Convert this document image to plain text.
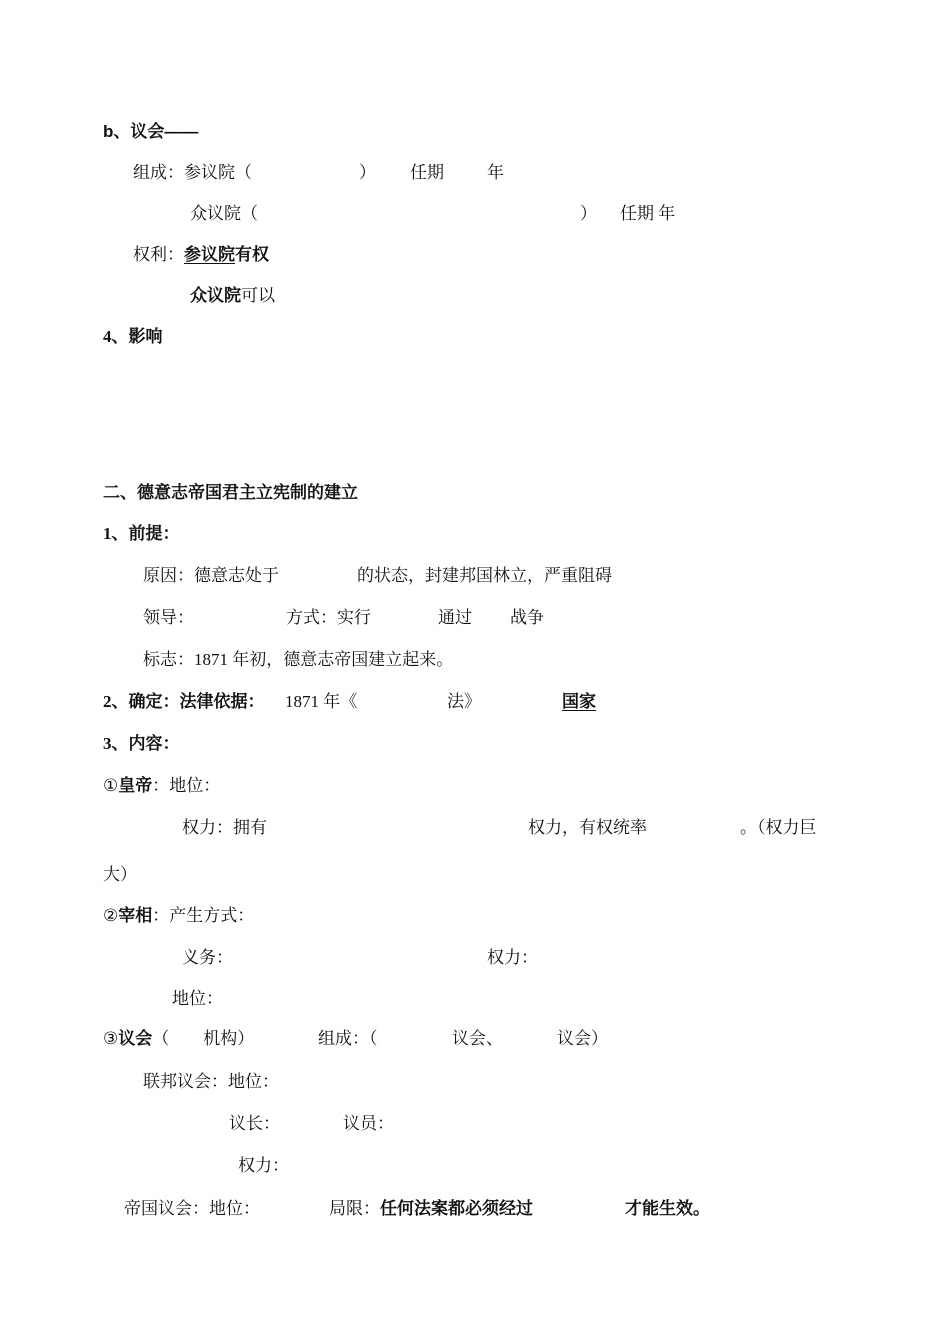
b、议会——
组成：参议院（	） 任期	年
众议院（	） 任期 年
权利：参议院有权
众议院可以
4、影响
二、德意志帝国君主立宪制的建立
1、前提：
原因：德意志处于	的状态，封建邦国林立，严重阻碍
领导：	方式：实行	通过 战争
标志：1871 年初，德意志帝国建立起来。
2、确定：法律依据： 1871 年《	法》	国家
3、内容：
①皇帝：地位：
权力：拥有	权力，有权统率	。（权力巨
大）
②宰相：产生方式：
义务：	权力：
地位：
③议会（        机构）	组成：（	议会、	议会）
联邦议会：地位：
议长：	议员：
权力：
帝国议会：地位：	局限：任何法案都必须经过	才能生效。
